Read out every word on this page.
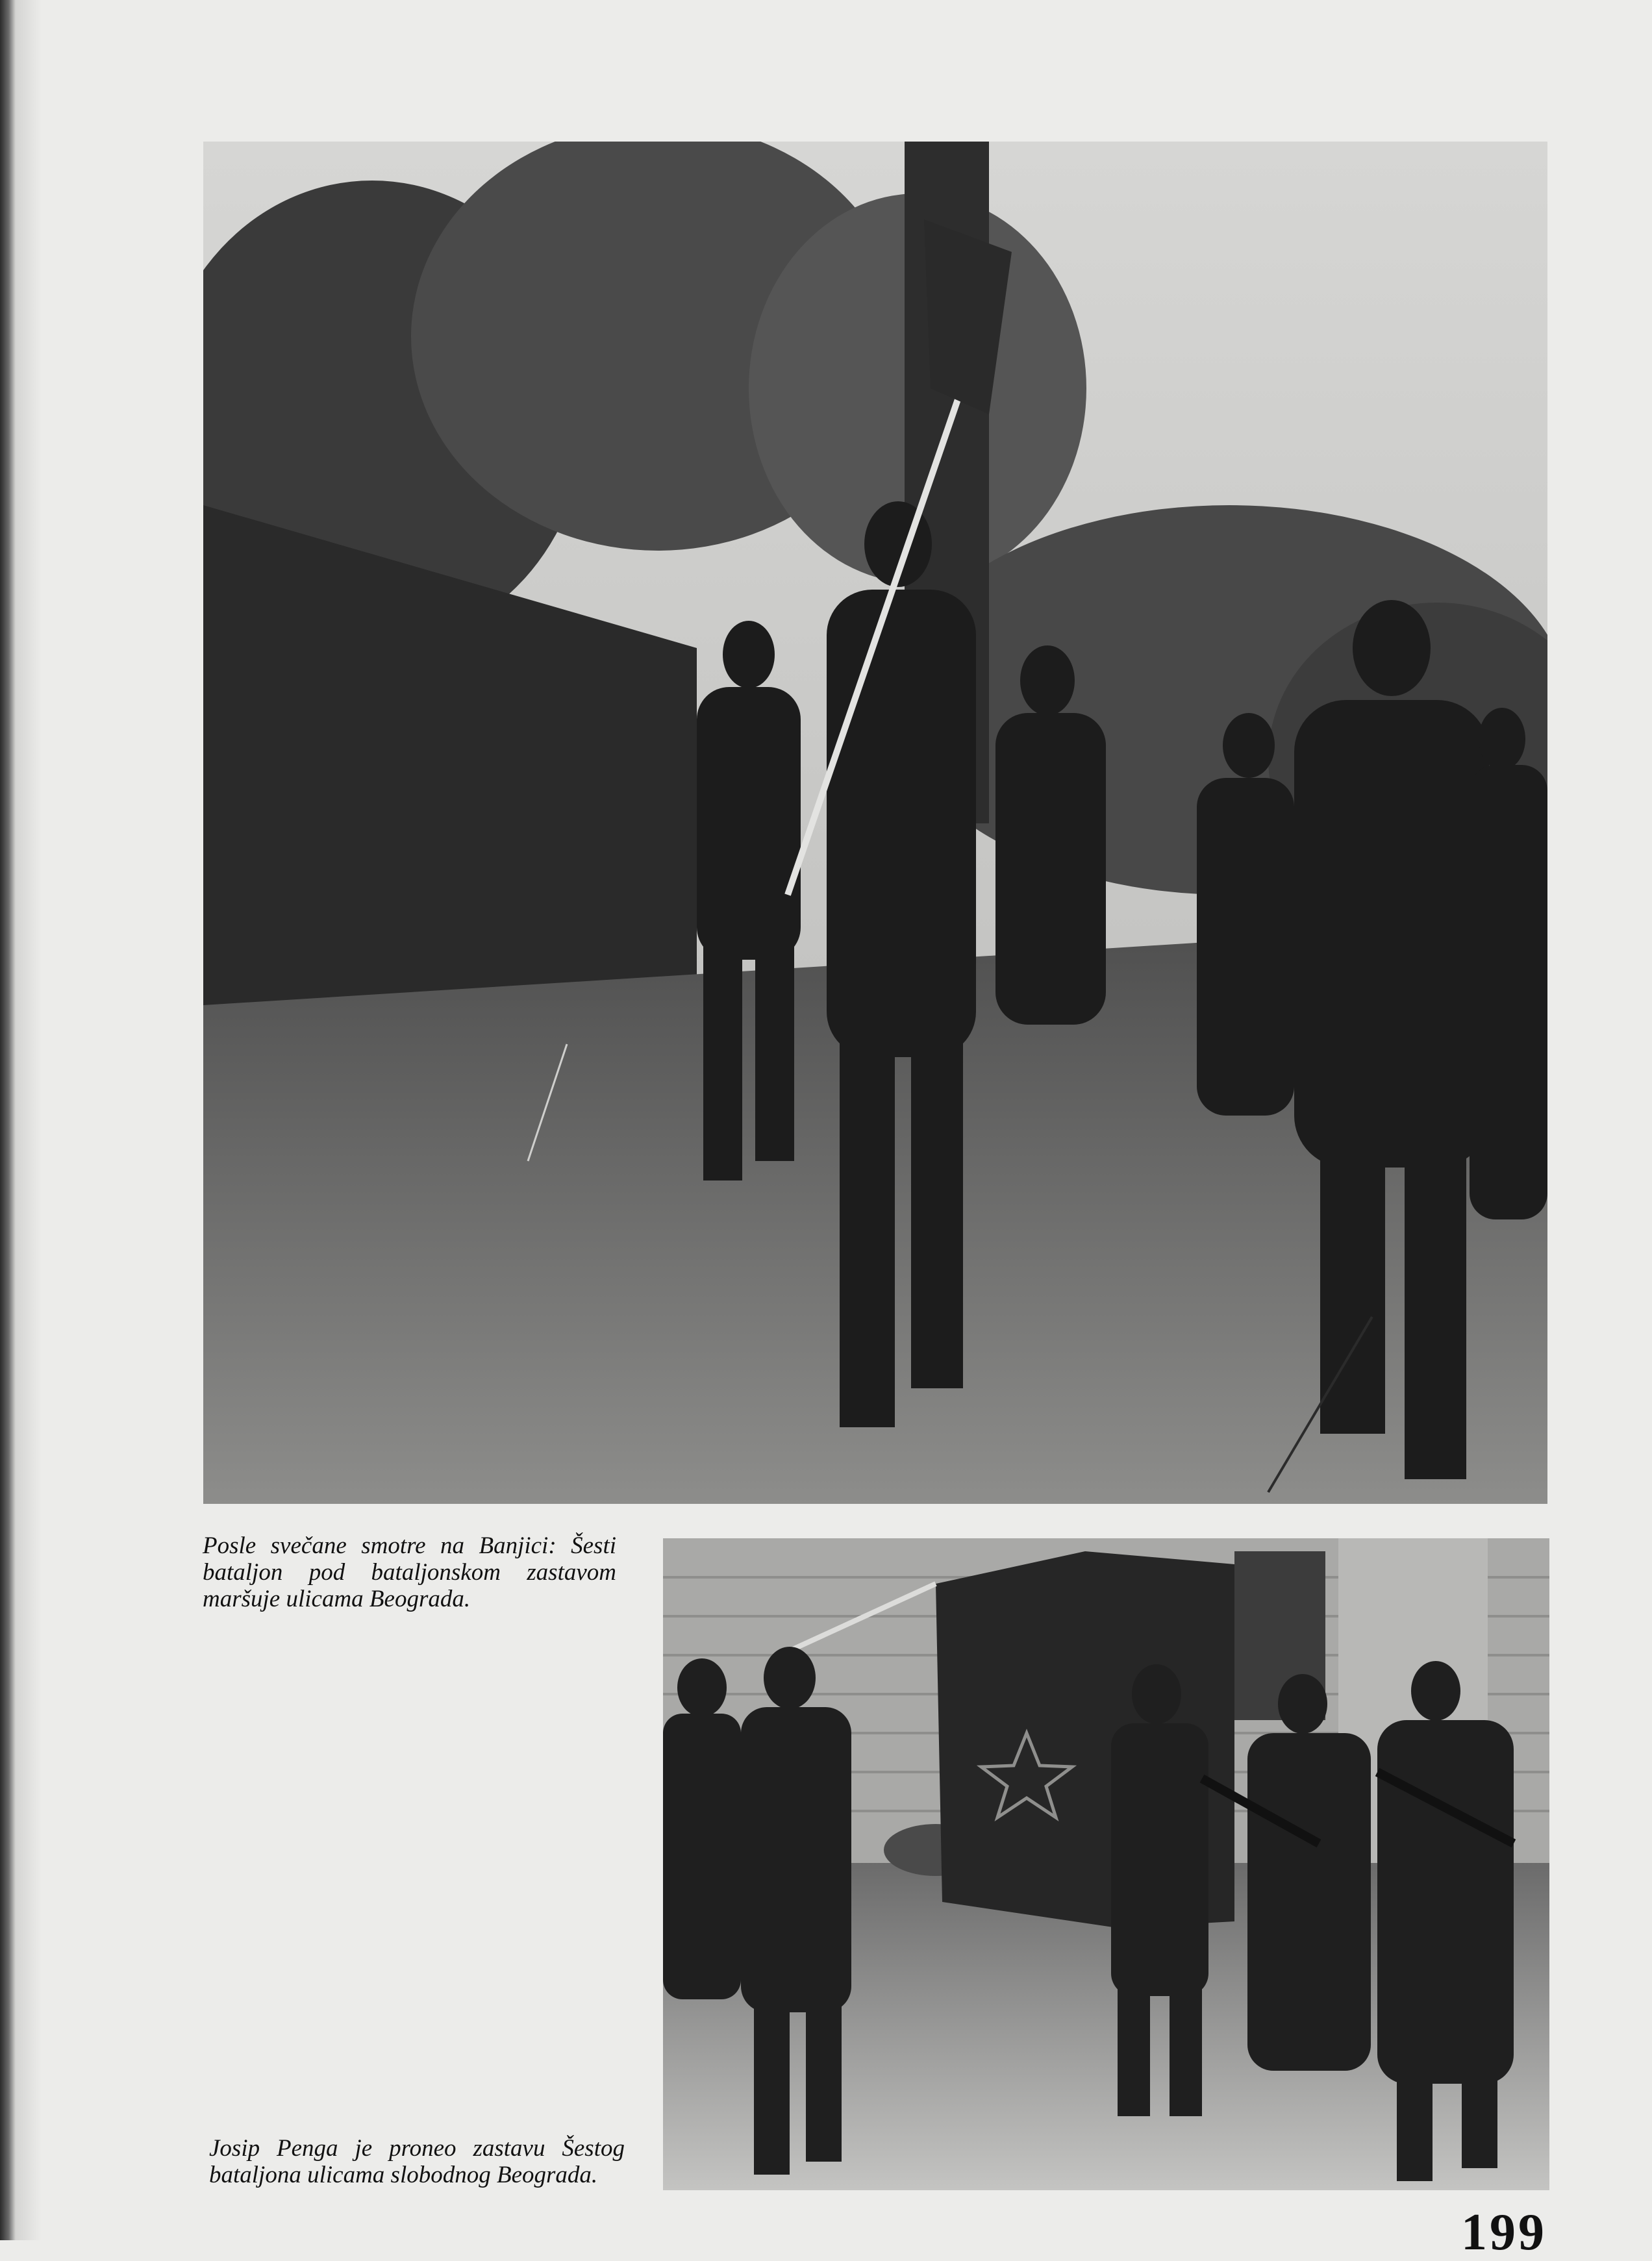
Posle svečane smotre na Banjici: Šesti bataljon pod bataljonskom zastavom maršuje ulicama Beograda.

Josip Penga je proneo zastavu Šestog bataljona ulicama slobodnog Beograda.

199
